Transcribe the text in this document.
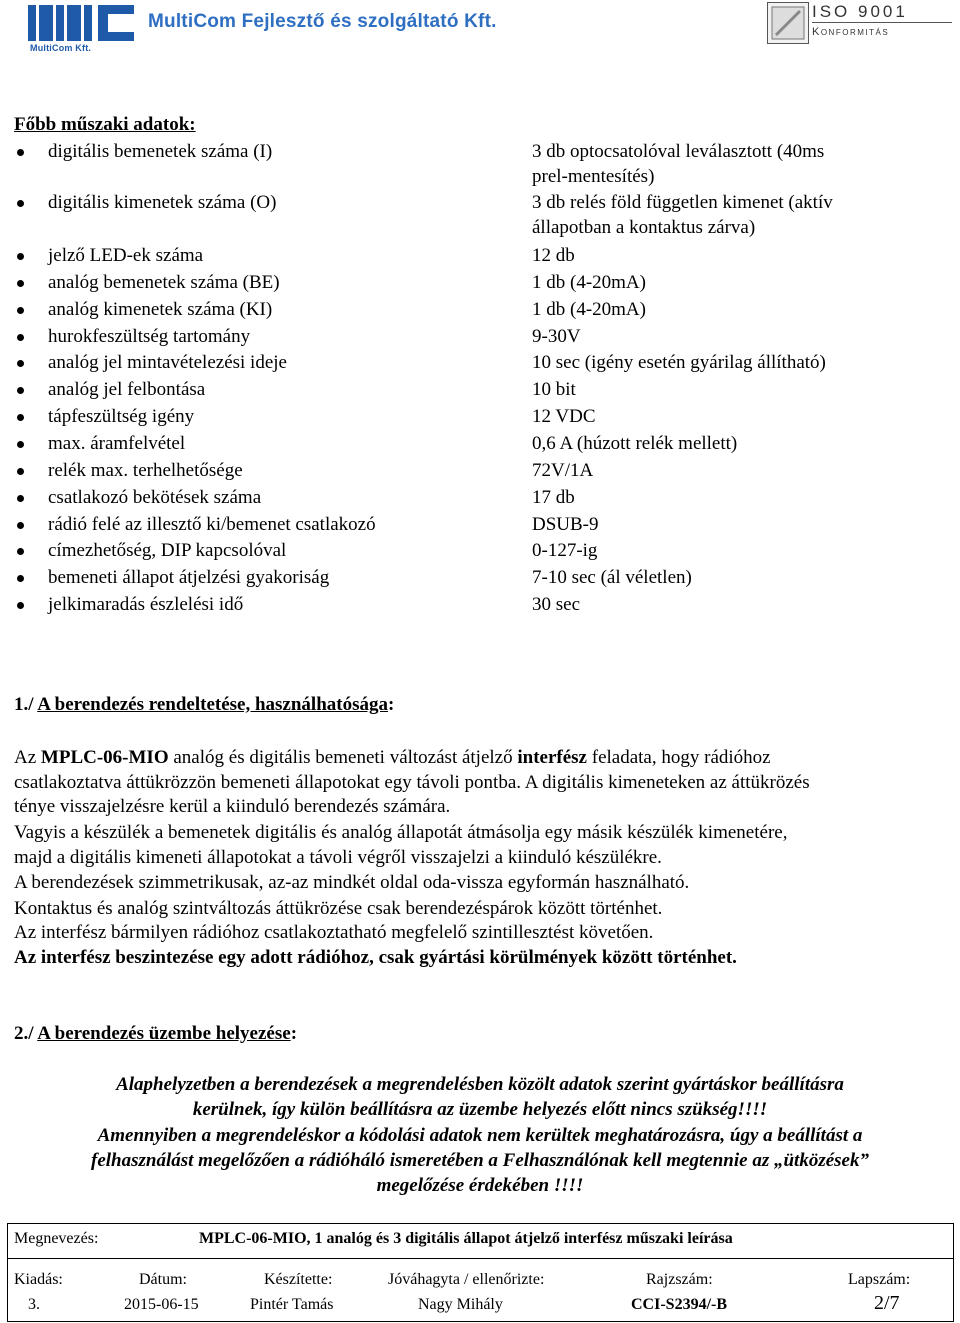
MultiCom Kft.
MultiCom Fejlesztő és szolgáltató Kft.	ISO 9001
Konformitás
Főbb műszaki adatok:
digitális bemenetek száma (I)	3 db optocsatolóval leválasztott (40ms
prel-mentesítés)
digitális kimenetek száma (O)	3 db relés föld független kimenet (aktív
állapotban a kontaktus zárva)
jelző LED-ek száma	12 db
analóg bemenetek száma (BE)	1 db (4-20mA)
analóg kimenetek száma (KI)	1 db (4-20mA)
hurokfeszültség tartomány	9-30V
analóg jel mintavételezési ideje	10 sec (igény esetén gyárilag állítható)
analóg jel felbontása	10 bit
tápfeszültség igény	12 VDC
max. áramfelvétel	0,6 A (húzott relék mellett)
relék max. terhelhetősége	72V/1A
csatlakozó bekötések száma	17 db
rádió felé az illesztő ki/bemenet csatlakozó	DSUB-9
címezhetőség, DIP kapcsolóval	0-127-ig
bemeneti állapot átjelzési gyakoriság	7-10 sec (ál véletlen)
jelkimaradás észlelési idő	30 sec
1./ A berendezés rendeltetése, használhatósága:
Az MPLC-06-MIO analóg és digitális bemeneti változást átjelző interfész feladata, hogy rádióhoz
csatlakoztatva áttükrözzön bemeneti állapotokat egy távoli pontba. A digitális kimeneteken az áttükrözés
ténye visszajelzésre kerül a kiinduló berendezés számára.
Vagyis a készülék a bemenetek digitális és analóg állapotát átmásolja egy másik készülék kimenetére,
majd a digitális kimeneti állapotokat a távoli végről visszajelzi a kiinduló készülékre.
A berendezések szimmetrikusak, az-az mindkét oldal oda-vissza egyformán használható.
Kontaktus és analóg szintváltozás áttükrözése csak berendezéspárok között történhet.
Az interfész bármilyen rádióhoz csatlakoztatható megfelelő szintillesztést követően.
Az interfész beszintezése egy adott rádióhoz, csak gyártási körülmények között történhet.
2./ A berendezés üzembe helyezése:
Alaphelyzetben a berendezések a megrendelésben közölt adatok szerint gyártáskor beállításra
kerülnek, így külön beállításra az üzembe helyezés előtt nincs szükség!!!!
Amennyiben a megrendeléskor a kódolási adatok nem kerültek meghatározásra, úgy a beállítást a
felhasználást megelőzően a rádióháló ismeretében a Felhasználónak kell megtennie az „ütközések”
megelőzése érdekében !!!!
Megnevezés:	MPLC-06-MIO, 1 analóg és 3 digitális állapot átjelző interfész műszaki leírása
Kiadás:	Dátum:	Készítette:	Jóváhagyta / ellenőrizte:	Rajzszám:	Lapszám:
3.	2015-06-15	Pintér Tamás	Nagy Mihály	CCI-S2394/-B	2/7
